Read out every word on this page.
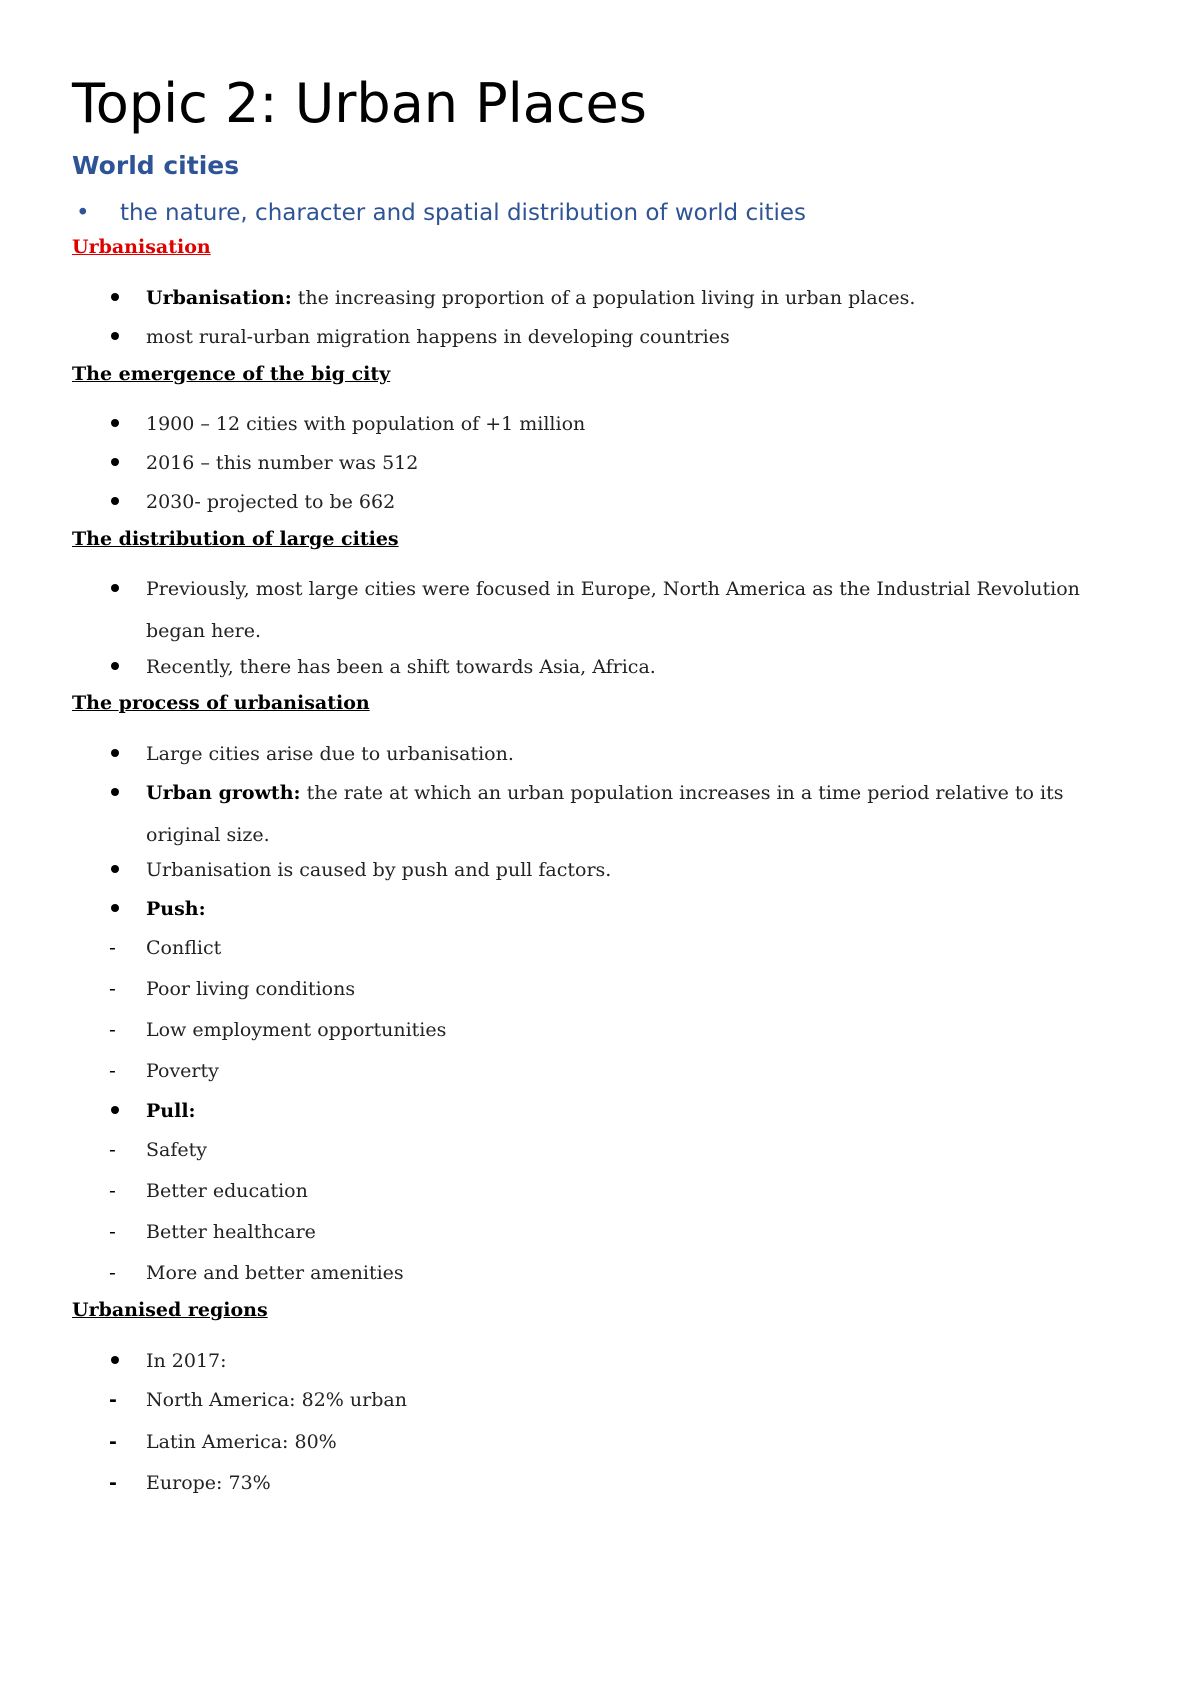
Topic 2: Urban Places
World cities
• the nature, character and spatial distribution of world cities
Urbanisation
Urbanisation: the increasing proportion of a population living in urban places.
most rural-urban migration happens in developing countries
The emergence of the big city
1900 – 12 cities with population of +1 million
2016 – this number was 512
2030- projected to be 662
The distribution of large cities
Previously, most large cities were focused in Europe, North America as the Industrial Revolution began here.
Recently, there has been a shift towards Asia, Africa.
The process of urbanisation
Large cities arise due to urbanisation.
Urban growth: the rate at which an urban population increases in a time period relative to its original size.
Urbanisation is caused by push and pull factors.
Push:
- Conflict
- Poor living conditions
- Low employment opportunities
- Poverty
Pull:
- Safety
- Better education
- Better healthcare
- More and better amenities
Urbanised regions
In 2017:
- North America: 82% urban
- Latin America: 80%
- Europe: 73%
